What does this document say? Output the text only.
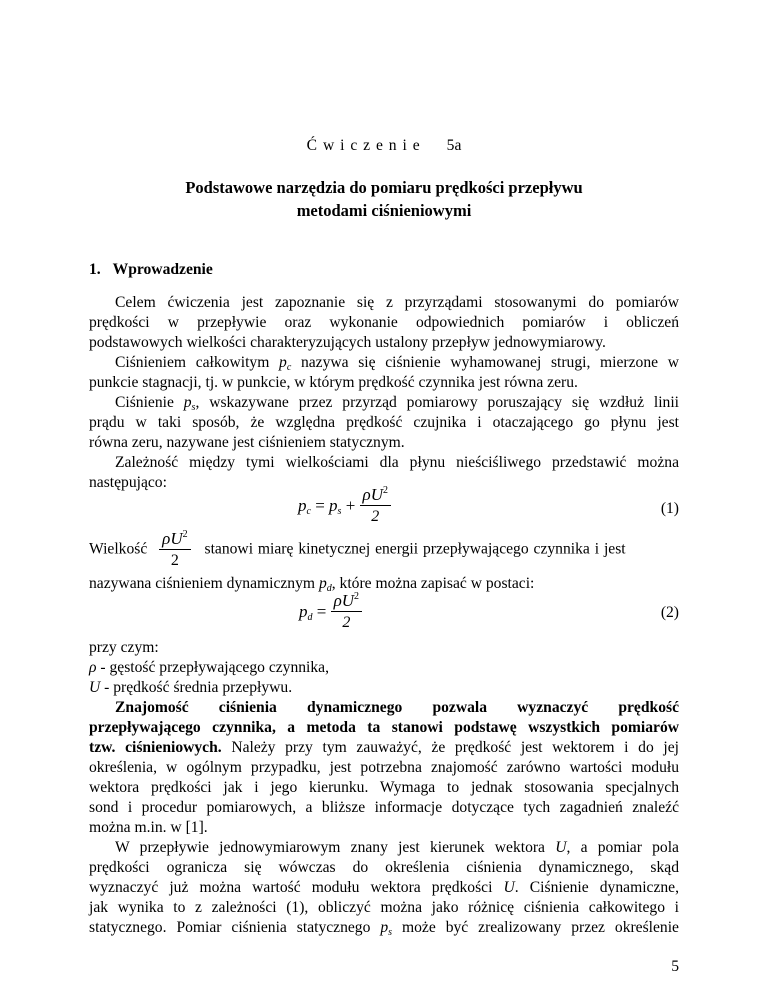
Ć w i c z e n i e 5a
Podstawowe narzędzia do pomiaru prędkości przepływu
metodami ciśnieniowymi
1. Wprowadzenie
Celem ćwiczenia jest zapoznanie się z przyrządami stosowanymi do pomiarów
prędkości w przepływie oraz wykonanie odpowiednich pomiarów i obliczeń
podstawowych wielkości charakteryzujących ustalony przepływ jednowymiarowy.
Ciśnieniem całkowitym $p_c$ nazywa się ciśnienie wyhamowanej strugi, mierzone w
punkcie stagnacji, tj. w punkcie, w którym prędkość czynnika jest równa zeru.
Ciśnienie $p_s$, wskazywane przez przyrząd pomiarowy poruszający się wzdłuż linii
prądu w taki sposób, że względna prędkość czujnika i otaczającego go płynu jest
równa zeru, nazywane jest ciśnieniem statycznym.
Zależność między tymi wielkościami dla płynu nieściśliwego przedstawić można
następująco:
$p_c = p_s + \frac{\rho U^2}{2}$	(1)
Wielkość $\frac{\rho U^2}{2}$ stanowi miarę kinetycznej energii przepływającego czynnika i jest
nazywana ciśnieniem dynamicznym $p_d$, które można zapisać w postaci:
$p_d = \frac{\rho U^2}{2}$	(2)
przy czym:
ρ - gęstość przepływającego czynnika,
U - prędkość średnia przepływu.
Znajomość ciśnienia dynamicznego pozwala wyznaczyć prędkość
przepływającego czynnika, a metoda ta stanowi podstawę wszystkich pomiarów
tzw. ciśnieniowych. Należy przy tym zauważyć, że prędkość jest wektorem i do jej
określenia, w ogólnym przypadku, jest potrzebna znajomość zarówno wartości modułu
wektora prędkości jak i jego kierunku. Wymaga to jednak stosowania specjalnych
sond i procedur pomiarowych, a bliższe informacje dotyczące tych zagadnień znaleźć
można m.in. w [1].
W przepływie jednowymiarowym znany jest kierunek wektora U, a pomiar pola
prędkości ogranicza się wówczas do określenia ciśnienia dynamicznego, skąd
wyznaczyć już można wartość modułu wektora prędkości U. Ciśnienie dynamiczne,
jak wynika to z zależności (1), obliczyć można jako różnicę ciśnienia całkowitego i
statycznego. Pomiar ciśnienia statycznego $p_s$ może być zrealizowany przez określenie
5
